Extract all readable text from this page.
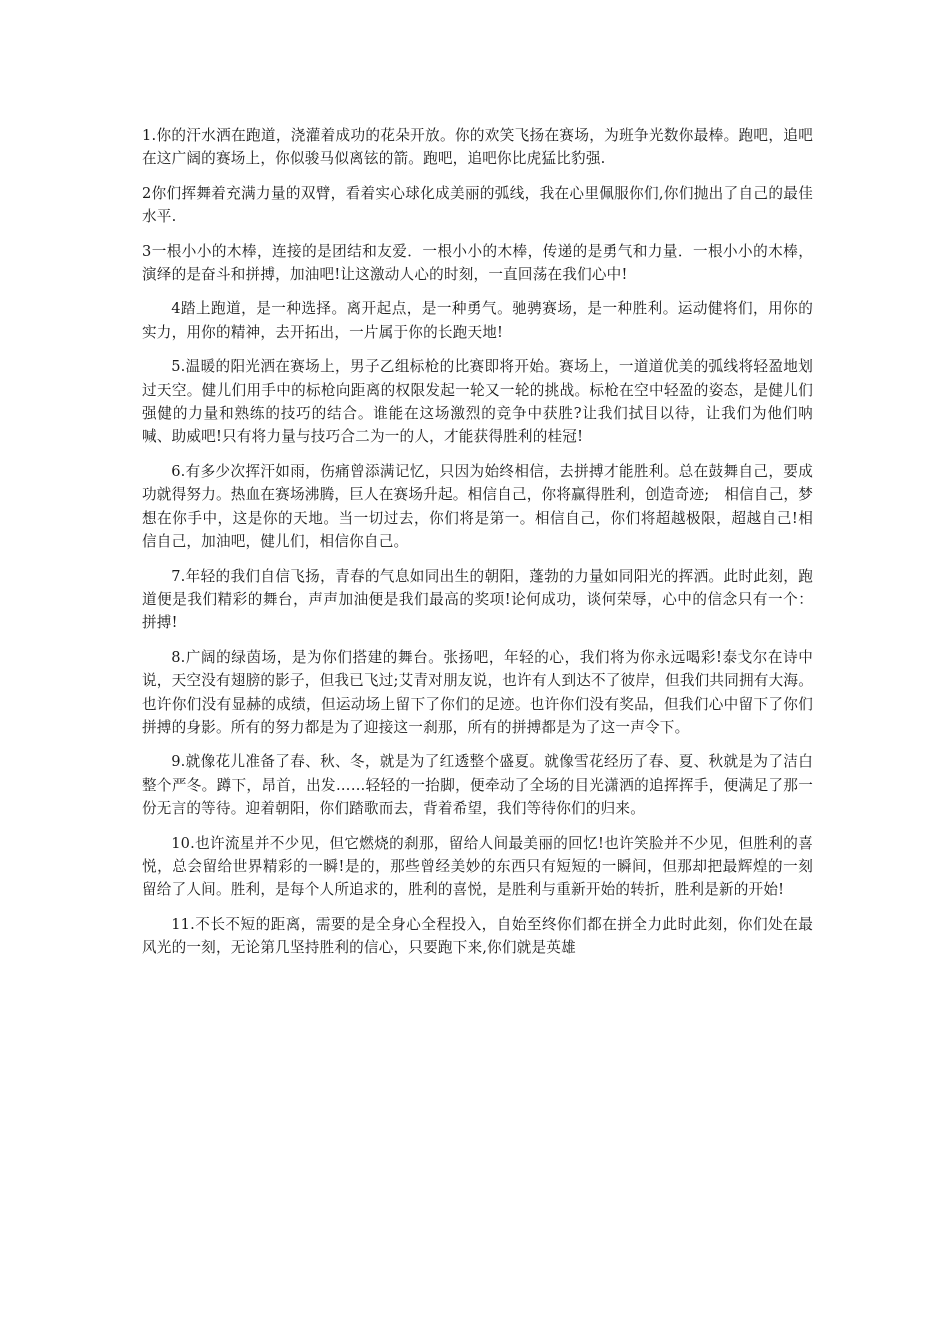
1.你的汗水洒在跑道，浇灌着成功的花朵开放。你的欢笑飞扬在赛场，为班争光数你最棒。跑吧，追吧　在这广阔的赛场上，你似骏马似离铉的箭。跑吧，追吧你比虎猛比豹强.

2你们挥舞着充满力量的双臂，看着实心球化成美丽的弧线，我在心里佩服你们,你们抛出了自己的最佳水平.

3一根小小的木棒，连接的是团结和友爱．一根小小的木棒，传递的是勇气和力量．一根小小的木棒，演绎的是奋斗和拼搏，加油吧!让这激动人心的时刻，一直回荡在我们心中!

4踏上跑道，是一种选择。离开起点，是一种勇气。驰骋赛场，是一种胜利。运动健将们，用你的实力，用你的精神，去开拓出，一片属于你的长跑天地!

5.温暖的阳光洒在赛场上，男子乙组标枪的比赛即将开始。赛场上，一道道优美的弧线将轻盈地划过天空。健儿们用手中的标枪向距离的权限发起一轮又一轮的挑战。标枪在空中轻盈的姿态，是健儿们强健的力量和熟练的技巧的结合。谁能在这场激烈的竞争中获胜?让我们拭目以待，让我们为他们呐喊、助威吧!只有将力量与技巧合二为一的人，才能获得胜利的桂冠!

6.有多少次挥汗如雨，伤痛曾添满记忆，只因为始终相信，去拼搏才能胜利。总在鼓舞自己，要成功就得努力。热血在赛场沸腾，巨人在赛场升起。相信自己，你将赢得胜利，创造奇迹;　相信自己，梦想在你手中，这是你的天地。当一切过去，你们将是第一。相信自己，你们将超越极限，超越自己!相信自己，加油吧，健儿们，相信你自己。

7.年轻的我们自信飞扬，青春的气息如同出生的朝阳，蓬勃的力量如同阳光的挥洒。此时此刻，跑道便是我们精彩的舞台，声声加油便是我们最高的奖项!论何成功，谈何荣辱，心中的信念只有一个：拼搏!

8.广阔的绿茵场，是为你们搭建的舞台。张扬吧，年轻的心，我们将为你永远喝彩!泰戈尔在诗中说，天空没有翅膀的影子，但我已飞过;艾青对朋友说，也许有人到达不了彼岸，但我们共同拥有大海。也许你们没有显赫的成绩，但运动场上留下了你们的足迹。也许你们没有奖品，但我们心中留下了你们拼搏的身影。所有的努力都是为了迎接这一刹那，所有的拼搏都是为了这一声令下。

9.就像花儿准备了春、秋、冬，就是为了红透整个盛夏。就像雪花经历了春、夏、秋就是为了洁白整个严冬。蹲下，昂首，出发……轻轻的一抬脚，便牵动了全场的目光潇洒的追挥挥手，便满足了那一份无言的等待。迎着朝阳，你们踏歌而去，背着希望，我们等待你们的归来。

10.也许流星并不少见，但它燃烧的刹那，留给人间最美丽的回忆!也许笑脸并不少见，但胜利的喜悦，总会留给世界精彩的一瞬!是的，那些曾经美妙的东西只有短短的一瞬间，但那却把最辉煌的一刻留给了人间。胜利，是每个人所追求的，胜利的喜悦，是胜利与重新开始的转折，胜利是新的开始!

11.不长不短的距离，需要的是全身心全程投入，自始至终你们都在拼全力此时此刻，你们处在最风光的一刻，无论第几坚持胜利的信心，只要跑下来,你们就是英雄
